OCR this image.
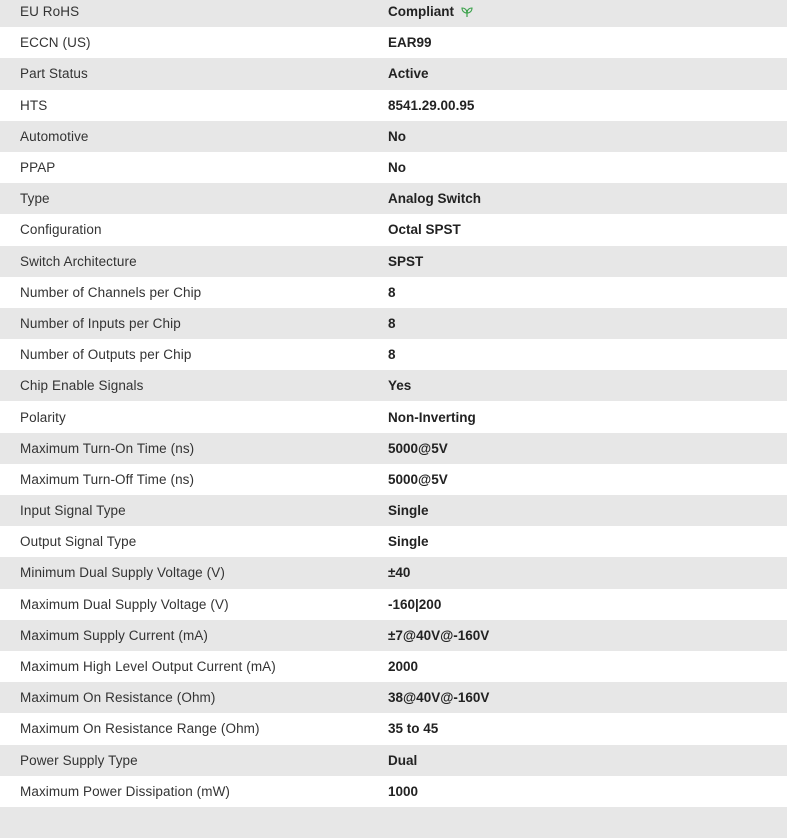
EU RoHS	Compliant
ECCN (US)	EAR99
Part Status	Active
HTS	8541.29.00.95
Automotive	No
PPAP	No
Type	Analog Switch
Configuration	Octal SPST
Switch Architecture	SPST
Number of Channels per Chip	8
Number of Inputs per Chip	8
Number of Outputs per Chip	8
Chip Enable Signals	Yes
Polarity	Non-Inverting
Maximum Turn-On Time (ns)	5000@5V
Maximum Turn-Off Time (ns)	5000@5V
Input Signal Type	Single
Output Signal Type	Single
Minimum Dual Supply Voltage (V)	±40
Maximum Dual Supply Voltage (V)	-160|200
Maximum Supply Current (mA)	±7@40V@-160V
Maximum High Level Output Current (mA)	2000
Maximum On Resistance (Ohm)	38@40V@-160V
Maximum On Resistance Range (Ohm)	35 to 45
Power Supply Type	Dual
Maximum Power Dissipation (mW)	1000
